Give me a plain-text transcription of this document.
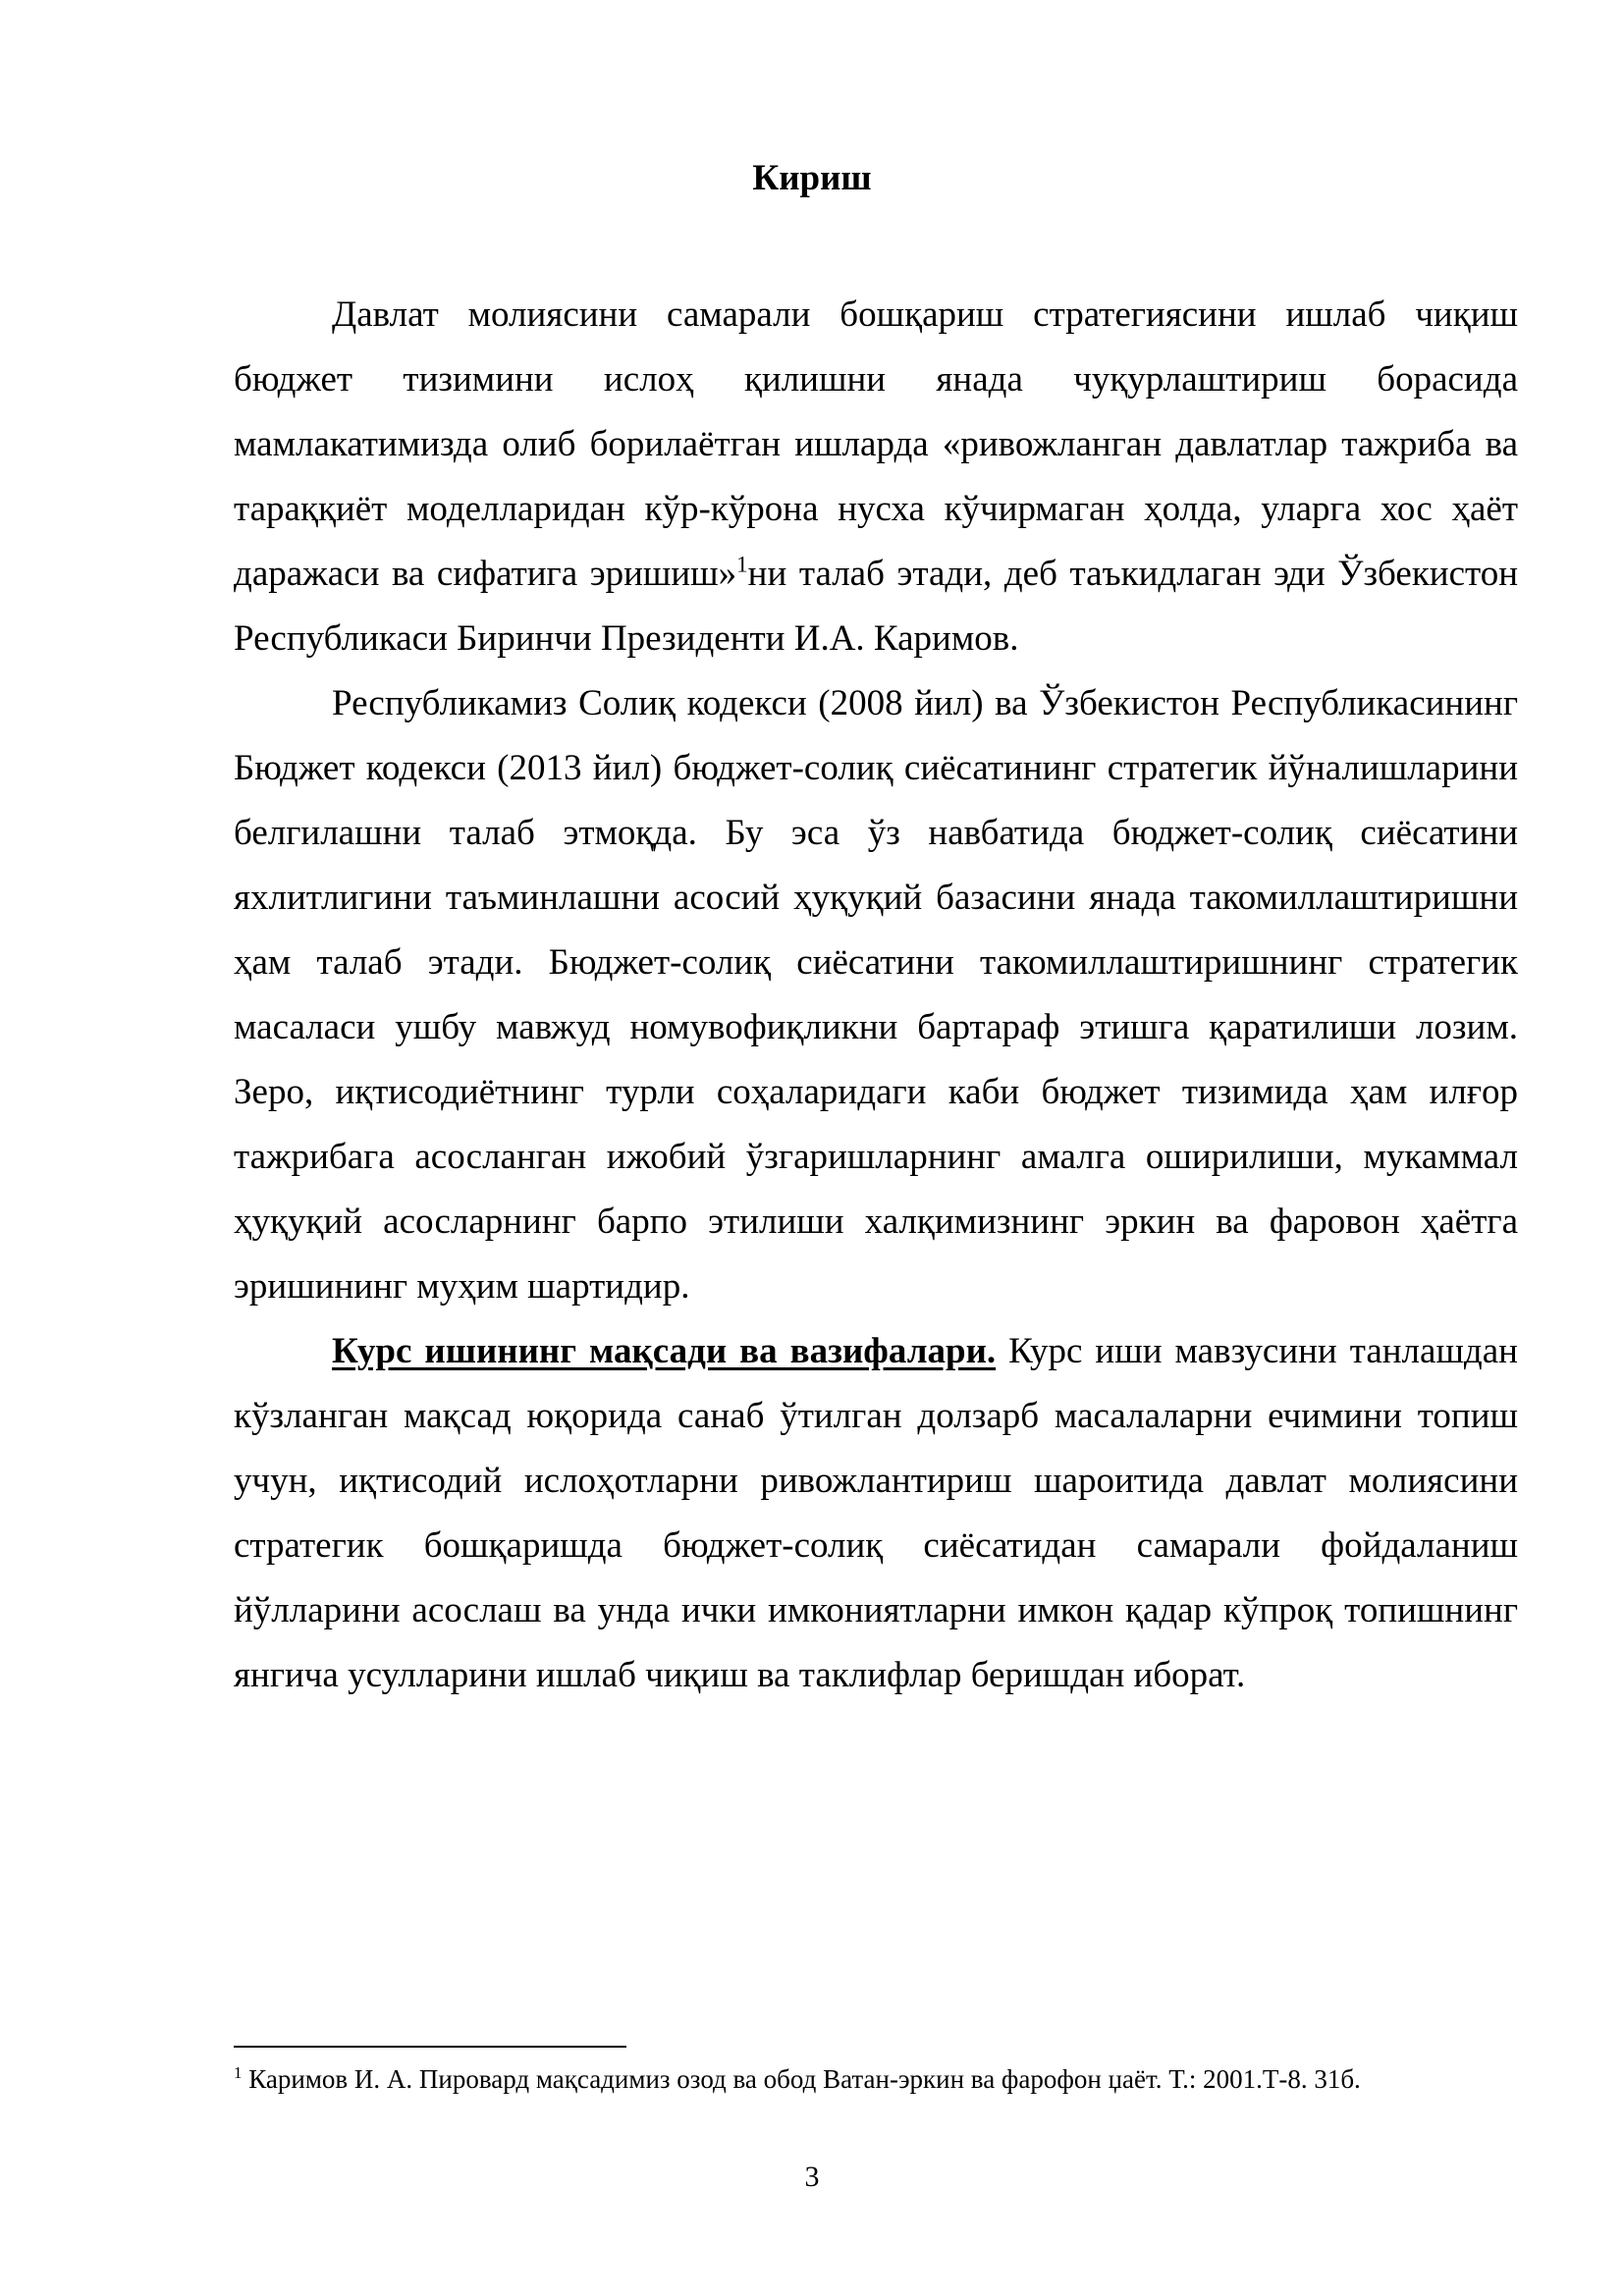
Кириш

Давлат молиясини самарали бошқариш стратегиясини ишлаб чиқиш бюджет тизимини ислоҳ қилишни янада чуқурлаштириш борасида мамлакатимизда олиб борилаётган ишларда «ривожланган давлатлар тажриба ва тараққиёт моделларидан кўр-кўрона нусха кўчирмаган ҳолда, уларга хос ҳаёт даражаси ва сифатига эришиш»$^1$ни талаб этади, деб таъкидлаган эди Ўзбекистон Республикаси Биринчи Президенти И.А. Каримов.

Республикамиз Солиқ кодекси (2008 йил) ва Ўзбекистон Республикасининг Бюджет кодекси (2013 йил) бюджет-солиқ сиёсатининг стратегик йўналишларини белгилашни талаб этмоқда. Бу эса ўз навбатида бюджет-солиқ сиёсатини яхлитлигини таъминлашни асосий ҳуқуқий базасини янада такомиллаштиришни ҳам талаб этади. Бюджет-солиқ сиёсатини такомиллаштиришнинг стратегик масаласи ушбу мавжуд номувофиқликни бартараф этишга қаратилиши лозим. Зеро, иқтисодиётнинг турли соҳаларидаги каби бюджет тизимида ҳам илғор тажрибага асосланган ижобий ўзгаришларнинг амалга оширилиши, мукаммал ҳуқуқий асосларнинг барпо этилиши халқимизнинг эркин ва фаровон ҳаётга эришининг муҳим шартидир.

Курс ишининг мақсади ва вазифалари. Курс иши мавзусини танлашдан кўзланган мақсад юқорида санаб ўтилган долзарб масалаларни ечимини топиш учун, иқтисодий ислоҳотларни ривожлантириш шароитида давлат молиясини стратегик бошқаришда бюджет-солиқ сиёсатидан самарали фойдаланиш йўлларини асослаш ва унда ички имкониятларни имкон қадар кўпроқ топишнинг янгича усулларини ишлаб чиқиш ва таклифлар беришдан иборат.

$^1$ Каримов И. А. Пировард мақсадимиз озод ва обод Ватан-эркин ва фарофон џаёт. Т.: 2001.Т-8. 31б.
3
